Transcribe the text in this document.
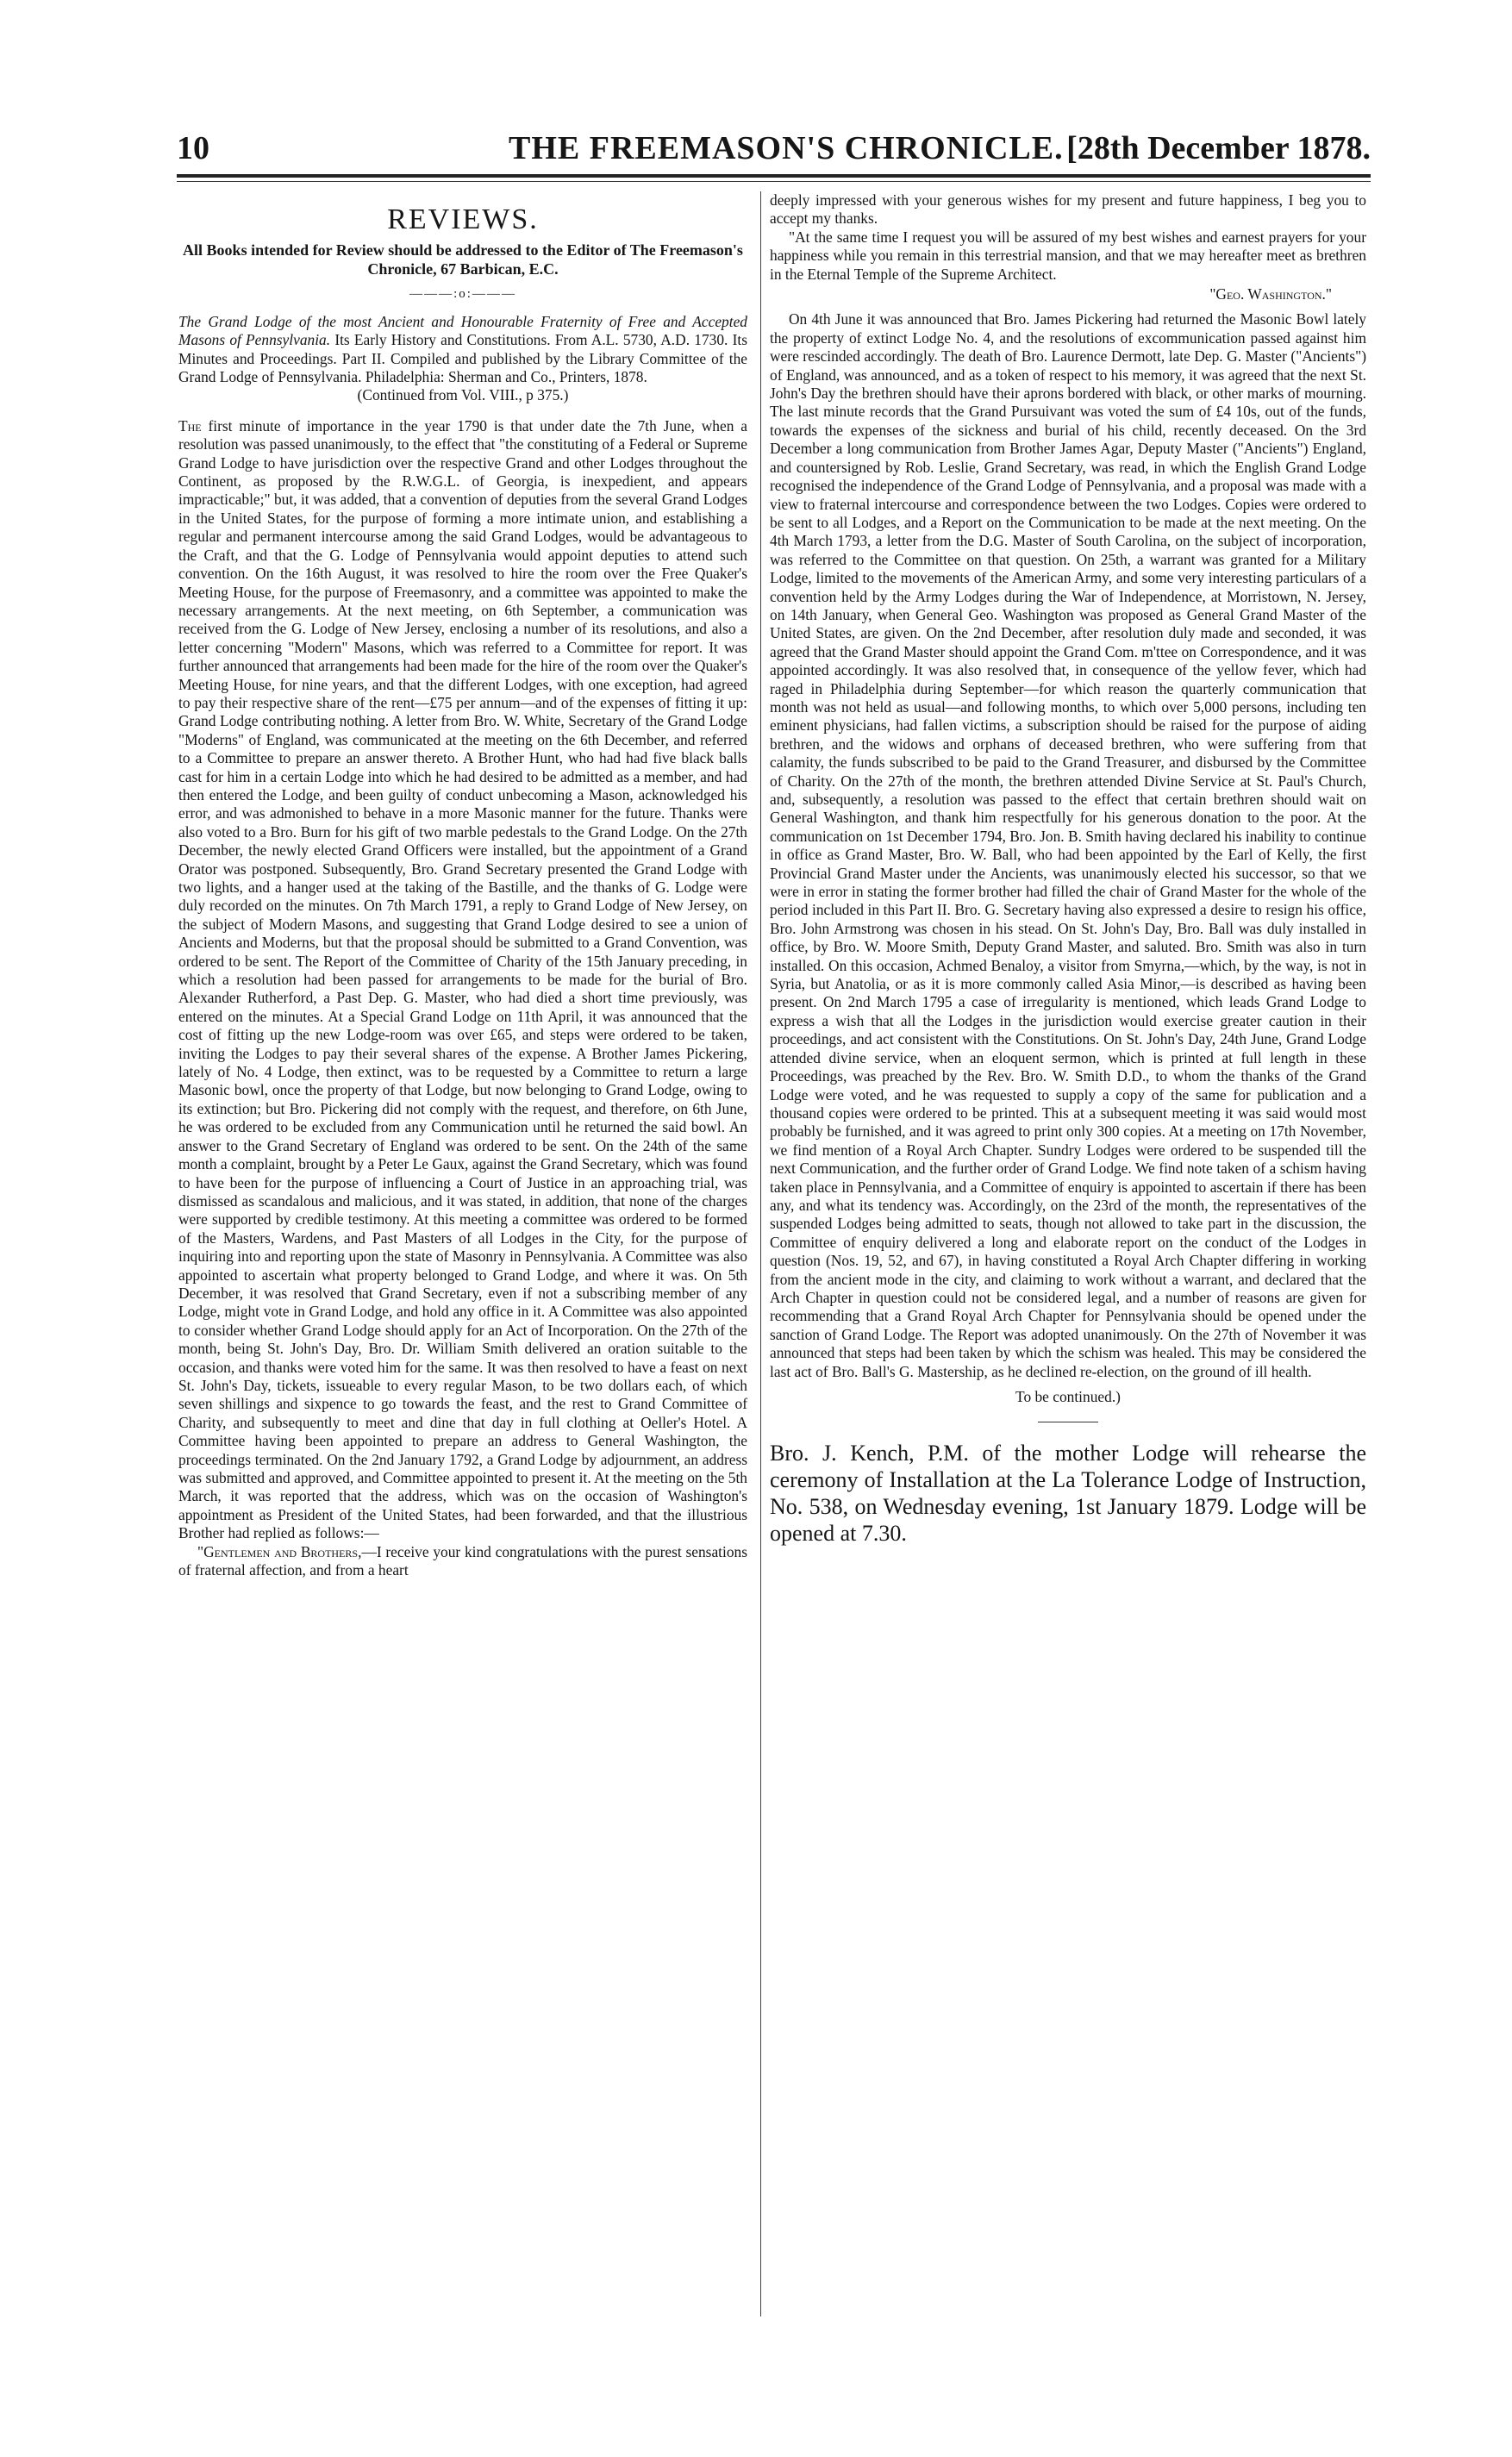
10	THE FREEMASON'S CHRONICLE. [28th December 1878.
REVIEWS.
All Books intended for Review should be addressed to the Editor of The Freemason's Chronicle, 67 Barbican, E.C.
———:o:———

The Grand Lodge of the most Ancient and Honourable Fraternity of Free and Accepted Masons of Pennsylvania. Its Early History and Constitutions. From A.L. 5730, A.D. 1730. Its Minutes and Proceedings. Part II. Compiled and published by the Library Committee of the Grand Lodge of Pennsylvania. Philadelphia: Sherman and Co., Printers, 1878.

(Continued from Vol. VIII., p 375.)

The first minute of importance in the year 1790 is that under date the 7th June, when a resolution was passed unanimously, to the effect that "the constituting of a Federal or Supreme Grand Lodge to have jurisdiction over the respective Grand and other Lodges throughout the Continent, as proposed by the R.W.G.L. of Georgia, is inexpedient, and appears impracticable;" but, it was added, that a convention of deputies from the several Grand Lodges in the United States, for the purpose of forming a more intimate union, and establishing a regular and permanent intercourse among the said Grand Lodges, would be advantageous to the Craft, and that the G. Lodge of Pennsylvania would appoint deputies to attend such convention. On the 16th August, it was resolved to hire the room over the Free Quaker's Meeting House, for the purpose of Freemasonry, and a committee was appointed to make the necessary arrangements. At the next meeting, on 6th September, a communication was received from the G. Lodge of New Jersey, enclosing a number of its resolutions, and also a letter concerning "Modern" Masons, which was referred to a Committee for report. It was further announced that arrangements had been made for the hire of the room over the Quaker's Meeting House, for nine years, and that the different Lodges, with one exception, had agreed to pay their respective share of the rent—£75 per annum—and of the expenses of fitting it up: Grand Lodge contributing nothing. A letter from Bro. W. White, Secretary of the Grand Lodge "Moderns" of England, was communicated at the meeting on the 6th December, and referred to a Committee to prepare an answer thereto. A Brother Hunt, who had had five black balls cast for him in a certain Lodge into which he had desired to be admitted as a member, and had then entered the Lodge, and been guilty of conduct unbecoming a Mason, acknowledged his error, and was admonished to behave in a more Masonic manner for the future. Thanks were also voted to a Bro. Burn for his gift of two marble pedestals to the Grand Lodge. On the 27th December, the newly elected Grand Officers were installed, but the appointment of a Grand Orator was postponed. Subsequently, Bro. Grand Secretary presented the Grand Lodge with two lights, and a hanger used at the taking of the Bastille, and the thanks of G. Lodge were duly recorded on the minutes. On 7th March 1791, a reply to Grand Lodge of New Jersey, on the subject of Modern Masons, and suggesting that Grand Lodge desired to see a union of Ancients and Moderns, but that the proposal should be submitted to a Grand Convention, was ordered to be sent. The Report of the Committee of Charity of the 15th January preceding, in which a resolution had been passed for arrangements to be made for the burial of Bro. Alexander Rutherford, a Past Dep. G. Master, who had died a short time previously, was entered on the minutes. At a Special Grand Lodge on 11th April, it was announced that the cost of fitting up the new Lodge-room was over £65, and steps were ordered to be taken, inviting the Lodges to pay their several shares of the expense. A Brother James Pickering, lately of No. 4 Lodge, then extinct, was to be requested by a Committee to return a large Masonic bowl, once the property of that Lodge, but now belonging to Grand Lodge, owing to its extinction; but Bro. Pickering did not comply with the request, and therefore, on 6th June, he was ordered to be excluded from any Communication until he returned the said bowl. An answer to the Grand Secretary of England was ordered to be sent. On the 24th of the same month a complaint, brought by a Peter Le Gaux, against the Grand Secretary, which was found to have been for the purpose of influencing a Court of Justice in an approaching trial, was dismissed as scandalous and malicious, and it was stated, in addition, that none of the charges were supported by credible testimony. At this meeting a committee was ordered to be formed of the Masters, Wardens, and Past Masters of all Lodges in the City, for the purpose of inquiring into and reporting upon the state of Masonry in Pennsylvania. A Committee was also appointed to ascertain what property belonged to Grand Lodge, and where it was. On 5th December, it was resolved that Grand Secretary, even if not a subscribing member of any Lodge, might vote in Grand Lodge, and hold any office in it. A Committee was also appointed to consider whether Grand Lodge should apply for an Act of Incorporation. On the 27th of the month, being St. John's Day, Bro. Dr. William Smith delivered an oration suitable to the occasion, and thanks were voted him for the same. It was then resolved to have a feast on next St. John's Day, tickets, issueable to every regular Mason, to be two dollars each, of which seven shillings and sixpence to go towards the feast, and the rest to Grand Committee of Charity, and subsequently to meet and dine that day in full clothing at Oeller's Hotel. A Committee having been appointed to prepare an address to General Washington, the proceedings terminated. On the 2nd January 1792, a Grand Lodge by adjournment, an address was submitted and approved, and Committee appointed to present it. At the meeting on the 5th March, it was reported that the address, which was on the occasion of Washington's appointment as President of the United States, had been forwarded, and that the illustrious Brother had replied as follows:—

"Gentlemen and Brothers,—I receive your kind congratulations with the purest sensations of fraternal affection, and from a heart

deeply impressed with your generous wishes for my present and future happiness, I beg you to accept my thanks.

"At the same time I request you will be assured of my best wishes and earnest prayers for your happiness while you remain in this terrestrial mansion, and that we may hereafter meet as brethren in the Eternal Temple of the Supreme Architect.

"Geo. Washington."

On 4th June it was announced that Bro. James Pickering had returned the Masonic Bowl lately the property of extinct Lodge No. 4, and the resolutions of excommunication passed against him were rescinded accordingly. The death of Bro. Laurence Dermott, late Dep. G. Master ("Ancients") of England, was announced, and as a token of respect to his memory, it was agreed that the next St. John's Day the brethren should have their aprons bordered with black, or other marks of mourning. The last minute records that the Grand Pursuivant was voted the sum of £4 10s, out of the funds, towards the expenses of the sickness and burial of his child, recently deceased. On the 3rd December a long communication from Brother James Agar, Deputy Master ("Ancients") England, and countersigned by Rob. Leslie, Grand Secretary, was read, in which the English Grand Lodge recognised the independence of the Grand Lodge of Pennsylvania, and a proposal was made with a view to fraternal intercourse and correspondence between the two Lodges. Copies were ordered to be sent to all Lodges, and a Report on the Communication to be made at the next meeting. On the 4th March 1793, a letter from the D.G. Master of South Carolina, on the subject of incorporation, was referred to the Committee on that question. On 25th, a warrant was granted for a Military Lodge, limited to the movements of the American Army, and some very interesting particulars of a convention held by the Army Lodges during the War of Independence, at Morristown, N. Jersey, on 14th January, when General Geo. Washington was proposed as General Grand Master of the United States, are given. On the 2nd December, after resolution duly made and seconded, it was agreed that the Grand Master should appoint the Grand Com. m'ttee on Correspondence, and it was appointed accordingly. It was also resolved that, in consequence of the yellow fever, which had raged in Philadelphia during September—for which reason the quarterly communication that month was not held as usual—and following months, to which over 5,000 persons, including ten eminent physicians, had fallen victims, a subscription should be raised for the purpose of aiding brethren, and the widows and orphans of deceased brethren, who were suffering from that calamity, the funds subscribed to be paid to the Grand Treasurer, and disbursed by the Committee of Charity. On the 27th of the month, the brethren attended Divine Service at St. Paul's Church, and, subsequently, a resolution was passed to the effect that certain brethren should wait on General Washington, and thank him respectfully for his generous donation to the poor. At the communication on 1st December 1794, Bro. Jon. B. Smith having declared his inability to continue in office as Grand Master, Bro. W. Ball, who had been appointed by the Earl of Kelly, the first Provincial Grand Master under the Ancients, was unanimously elected his successor, so that we were in error in stating the former brother had filled the chair of Grand Master for the whole of the period included in this Part II. Bro. G. Secretary having also expressed a desire to resign his office, Bro. John Armstrong was chosen in his stead. On St. John's Day, Bro. Ball was duly installed in office, by Bro. W. Moore Smith, Deputy Grand Master, and saluted. Bro. Smith was also in turn installed. On this occasion, Achmed Benaloy, a visitor from Smyrna,—which, by the way, is not in Syria, but Anatolia, or as it is more commonly called Asia Minor,—is described as having been present. On 2nd March 1795 a case of irregularity is mentioned, which leads Grand Lodge to express a wish that all the Lodges in the jurisdiction would exercise greater caution in their proceedings, and act consistent with the Constitutions. On St. John's Day, 24th June, Grand Lodge attended divine service, when an eloquent sermon, which is printed at full length in these Proceedings, was preached by the Rev. Bro. W. Smith D.D., to whom the thanks of the Grand Lodge were voted, and he was requested to supply a copy of the same for publication and a thousand copies were ordered to be printed. This at a subsequent meeting it was said would most probably be furnished, and it was agreed to print only 300 copies. At a meeting on 17th November, we find mention of a Royal Arch Chapter. Sundry Lodges were ordered to be suspended till the next Communication, and the further order of Grand Lodge. We find note taken of a schism having taken place in Pennsylvania, and a Committee of enquiry is appointed to ascertain if there has been any, and what its tendency was. Accordingly, on the 23rd of the month, the representatives of the suspended Lodges being admitted to seats, though not allowed to take part in the discussion, the Committee of enquiry delivered a long and elaborate report on the conduct of the Lodges in question (Nos. 19, 52, and 67), in having constituted a Royal Arch Chapter differing in working from the ancient mode in the city, and claiming to work without a warrant, and declared that the Arch Chapter in question could not be considered legal, and a number of reasons are given for recommending that a Grand Royal Arch Chapter for Pennsylvania should be opened under the sanction of Grand Lodge. The Report was adopted unanimously. On the 27th of November it was announced that steps had been taken by which the schism was healed. This may be considered the last act of Bro. Ball's G. Mastership, as he declined re-election, on the ground of ill health.

To be continued.)

Bro. J. Kench, P.M. of the mother Lodge will rehearse the ceremony of Installation at the La Tolerance Lodge of Instruction, No. 538, on Wednesday evening, 1st January 1879. Lodge will be opened at 7.30.
